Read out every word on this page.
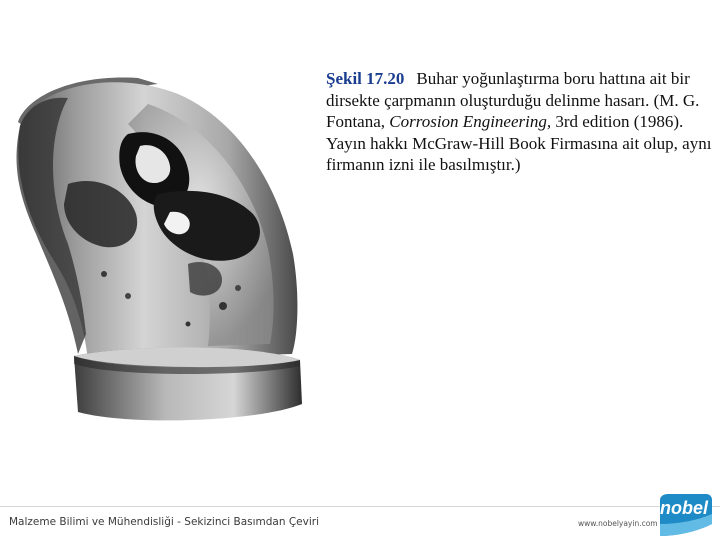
Şekil 17.20 Buhar yoğunlaştırma boru hattına ait bir dirsekte çarpmanın oluşturduğu delinme hasarı. (M. G. Fontana, Corrosion Engineering, 3rd edition (1986). Yayın hakkı McGraw-Hill Book Firmasına ait olup, aynı firmanın izni ile basılmıştır.)
Malzeme Bilimi ve Mühendisliği - Sekizinci Basımdan Çeviri	www.nobelyayin.com
nobel
